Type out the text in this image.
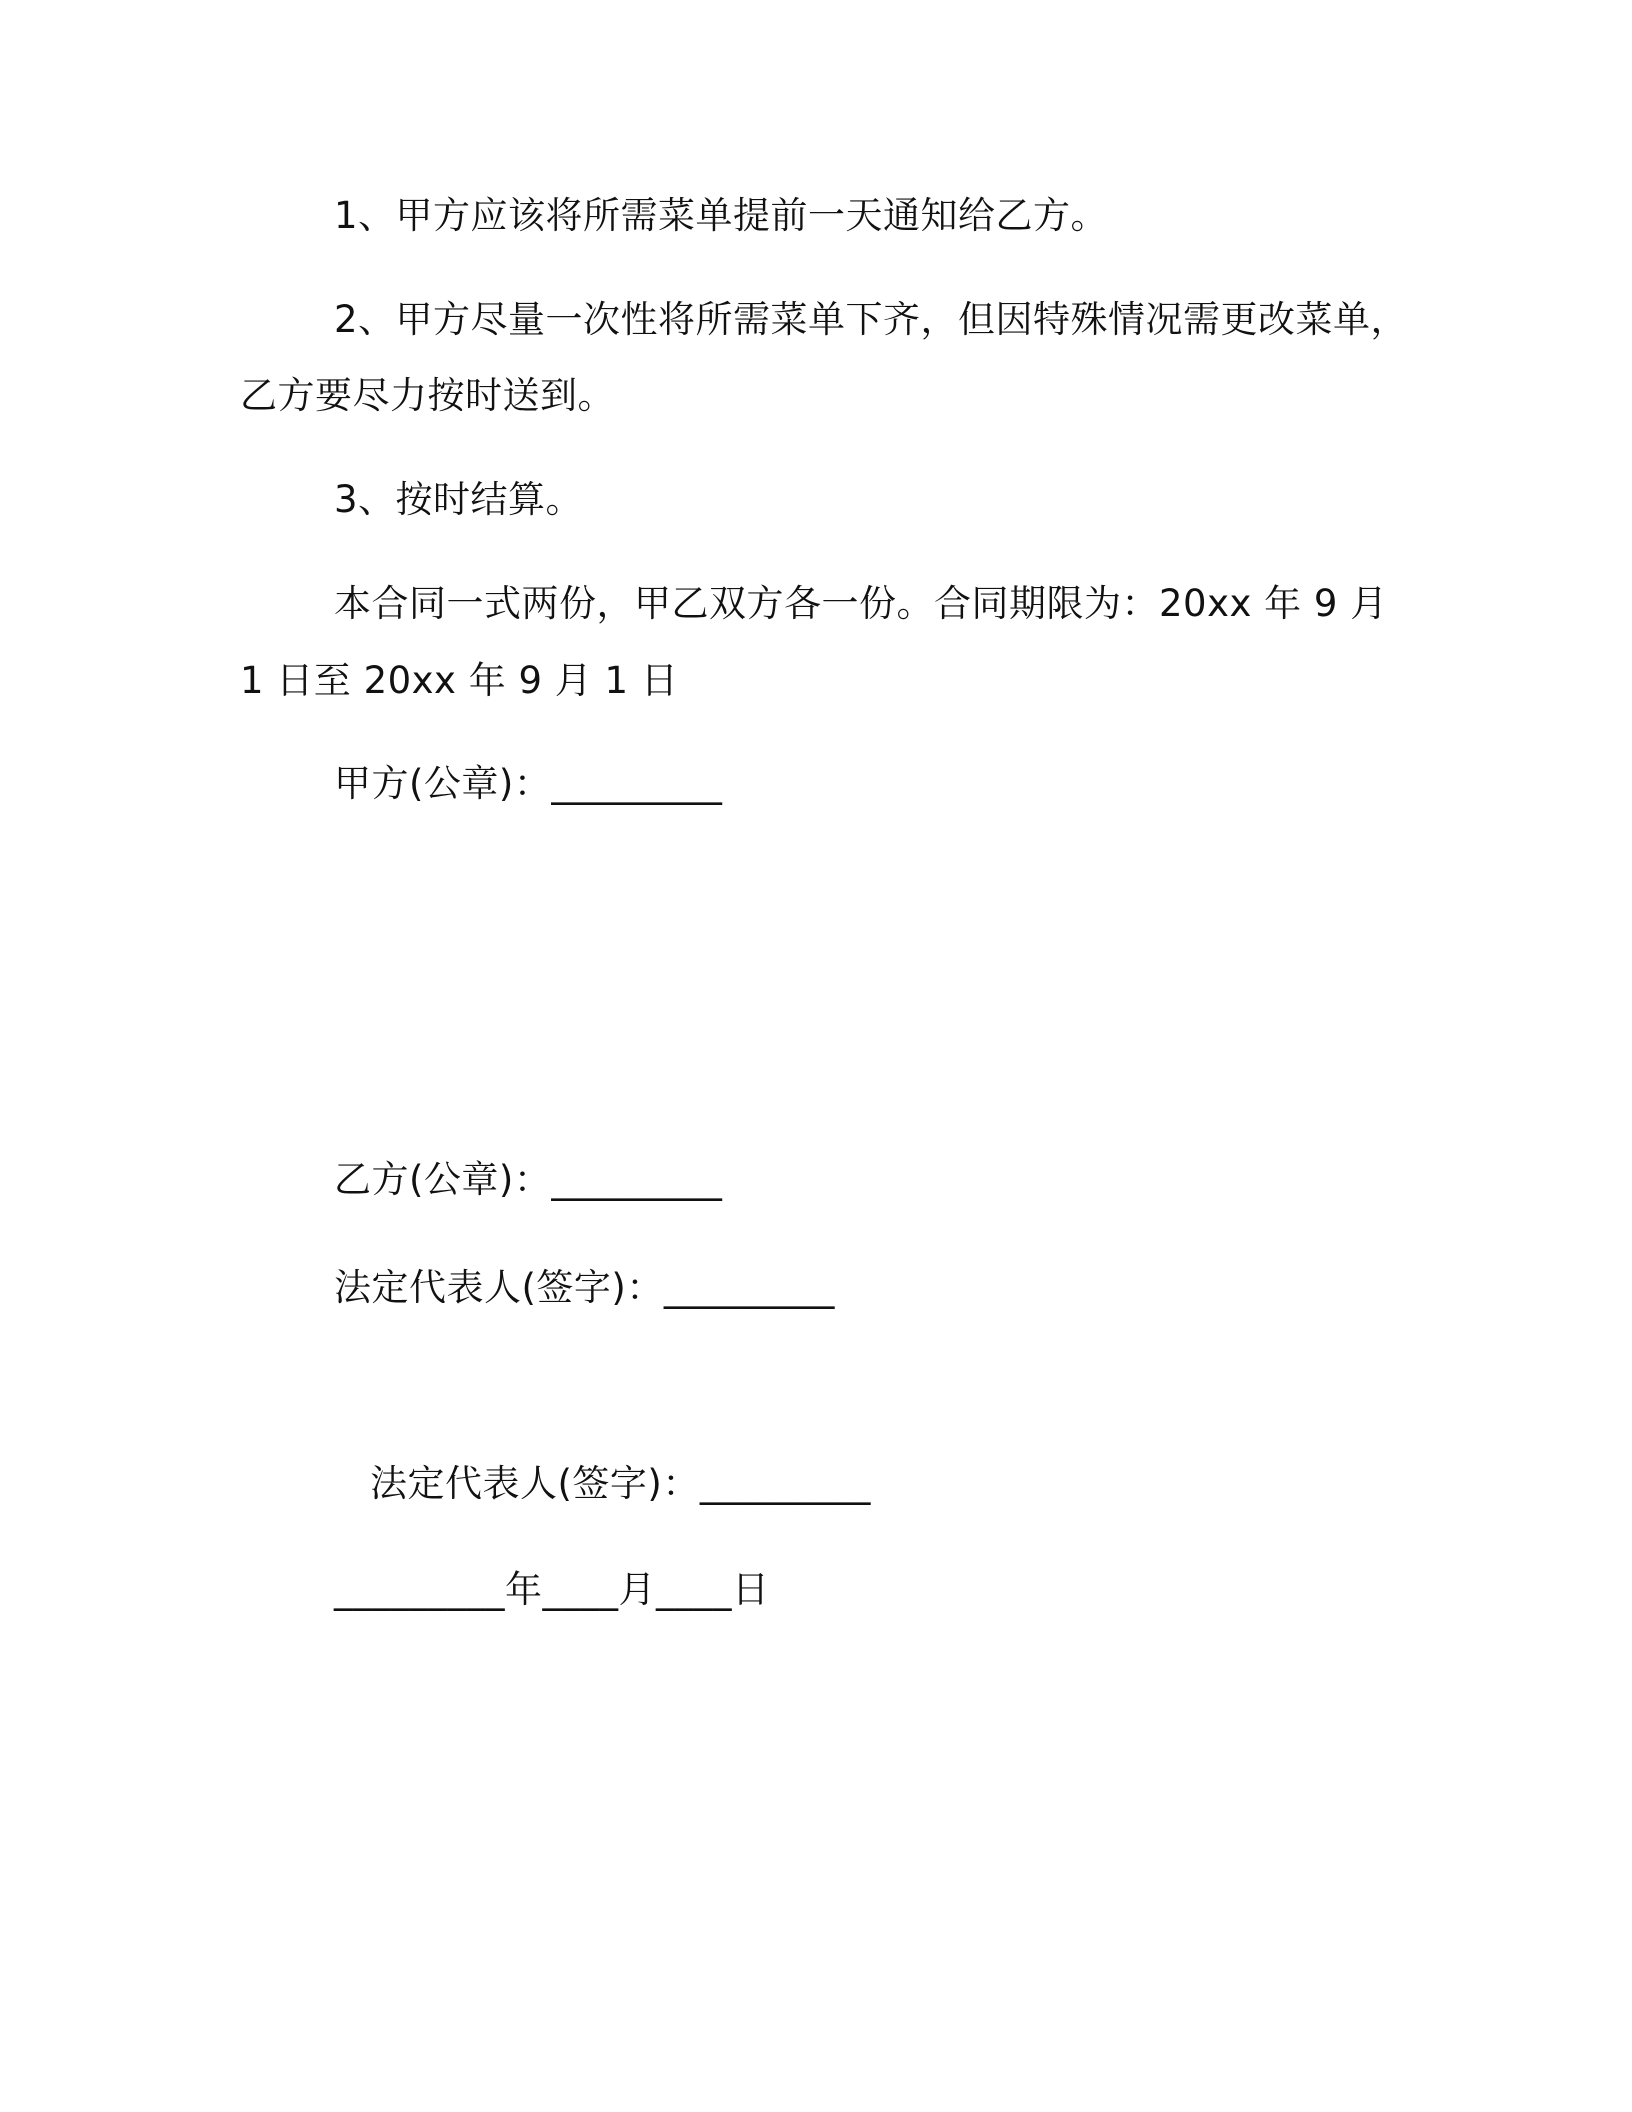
1、甲方应该将所需菜单提前一天通知给乙方。
2、甲方尽量一次性将所需菜单下齐，但因特殊情况需更改菜单，
乙方要尽力按时送到。
3、按时结算。
本合同一式两份，甲乙双方各一份。合同期限为：20xx 年 9 月
1 日至 20xx 年 9 月 1 日
甲方(公章)：_________
乙方(公章)：_________
法定代表人(签字)：_________
法定代表人(签字)：_________
_________年____月____日
